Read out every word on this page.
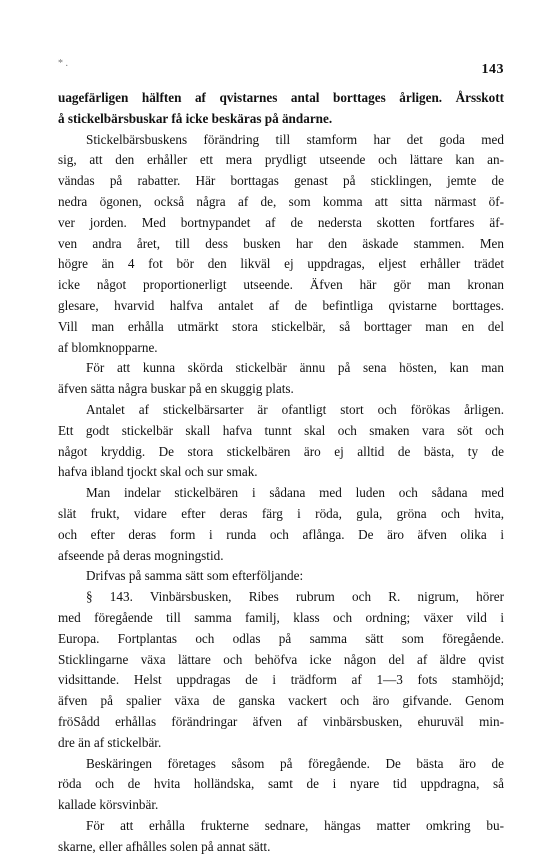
* .	143
uagefärligen hälften af qvistarnes antal borttages årligen. Årsskott
å stickelbärsbuskar få icke beskäras på ändarne.
Stickelbärsbuskens förändring till stamform har det goda med
sig, att den erhåller ett mera prydligt utseende och lättare kan an-
vändas på rabatter. Här borttagas genast på sticklingen, jemte de
nedra ögonen, också några af de, som komma att sitta närmast öf-
ver jorden. Med bortnypandet af de nedersta skotten fortfares äf-
ven andra året, till dess busken har den äskade stammen. Men
högre än 4 fot bör den likväl ej uppdragas, eljest erhåller trädet
icke något proportionerligt utseende. Äfven här gör man kronan
glesare, hvarvid halfva antalet af de befintliga qvistarne borttages.
Vill man erhålla utmärkt stora stickelbär, så borttager man en del
af blomknopparne.
För att kunna skörda stickelbär ännu på sena hösten, kan man
äfven sätta några buskar på en skuggig plats.
Antalet af stickelbärsarter är ofantligt stort och förökas årligen.
Ett godt stickelbär skall hafva tunnt skal och smaken vara söt och
något kryddig. De stora stickelbären äro ej alltid de bästa, ty de
hafva ibland tjockt skal och sur smak.
Man indelar stickelbären i sådana med luden och sådana med
slät frukt, vidare efter deras färg i röda, gula, gröna och hvita,
och efter deras form i runda och aflånga. De äro äfven olika i
afseende på deras mogningstid.
Drifvas på samma sätt som efterföljande:
§ 143. Vinbärsbusken, Ribes rubrum och R. nigrum, hörer
med föregående till samma familj, klass och ordning; växer vild i
Europa. Fortplantas och odlas på samma sätt som föregående.
Sticklingarne växa lättare och behöfva icke någon del af äldre qvist
vidsittande. Helst uppdragas de i trädform af 1—3 fots stamhöjd;
äfven på spalier växa de ganska vackert och äro gifvande. Genom
fröSådd erhållas förändringar äfven af vinbärsbusken, ehuruväl min-
dre än af stickelbär.
Beskäringen företages såsom på föregående. De bästa äro de
röda och de hvita holländska, samt de i nyare tid uppdragna, så
kallade körsvinbär.
För att erhålla frukterne sednare, hängas matter omkring bu-
skarne, eller afhålles solen på annat sätt.
